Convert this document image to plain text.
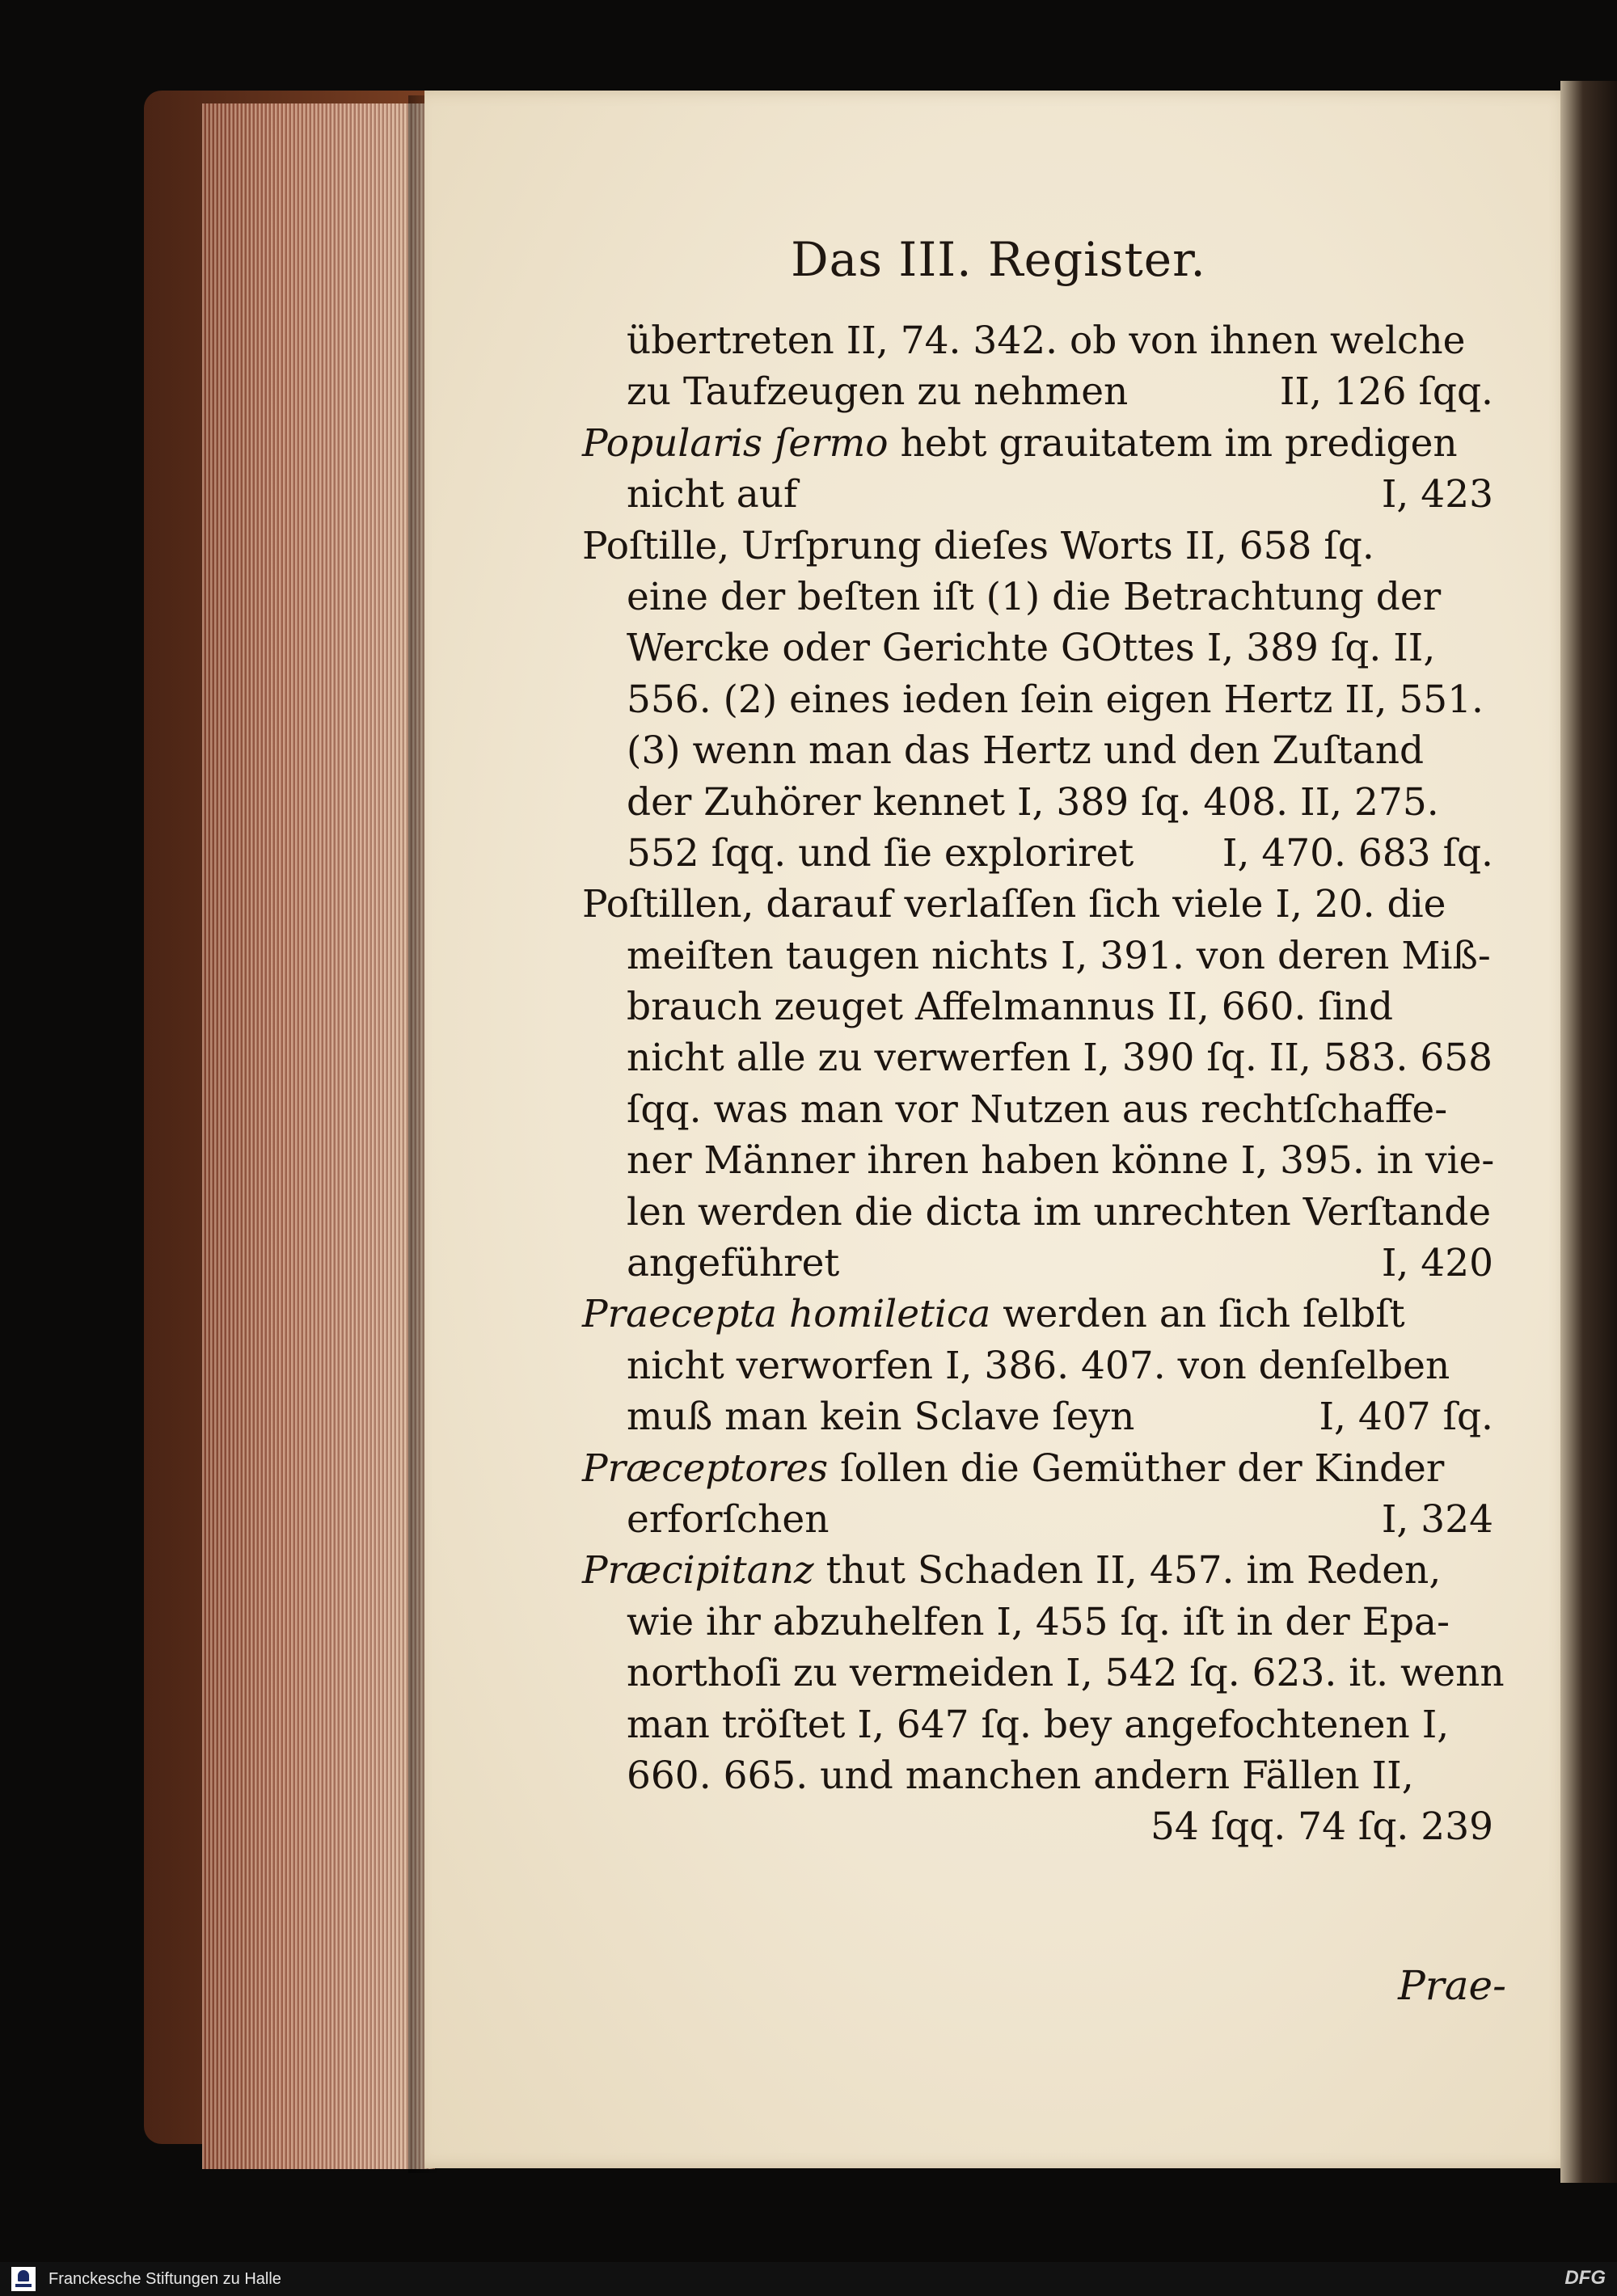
Das III. Register.
Prae-
übertreten II, 74. 342. ob von ihnen welche
zu Taufzeugen zu nehmen	II, 126 ſqq.
Popularis ſermo hebt grauitatem im predigen
nicht auf	I, 423
Poſtille, Urſprung dieſes Worts II, 658 ſq.
eine der beſten iſt (1) die Betrachtung der
Wercke oder Gerichte GOttes I, 389 ſq. II,
556. (2) eines ieden ſein eigen Hertz II, 551.
(3) wenn man das Hertz und den Zuſtand
der Zuhörer kennet I, 389 ſq. 408. II, 275.
552 ſqq. und ſie exploriret I, 470. 683 ſq.
Poſtillen, darauf verlaſſen ſich viele I, 20. die
meiſten taugen nichts I, 391. von deren Miß-
brauch zeuget Affelmannus II, 660. ſind
nicht alle zu verwerfen I, 390 ſq. II, 583. 658
ſqq. was man vor Nutzen aus rechtſchaffe-
ner Männer ihren haben könne I, 395. in vie-
len werden die dicta im unrechten Verſtande
angeführet	I, 420
Praecepta homiletica werden an ſich ſelbſt
nicht verworfen I, 386. 407. von denſelben
muß man kein Sclave ſeyn	I, 407 ſq.
Præceptores ſollen die Gemüther der Kinder
erforſchen	I, 324
Præcipitanz thut Schaden II, 457. im Reden,
wie ihr abzuhelfen I, 455 ſq. iſt in der Epa-
northoſi zu vermeiden I, 542 ſq. 623. it. wenn
man tröſtet I, 647 ſq. bey angefochtenen I,
660. 665. und manchen andern Fällen II,
54 ſqq. 74 ſq. 239
Franckesche Stiftungen zu Halle	DFG
